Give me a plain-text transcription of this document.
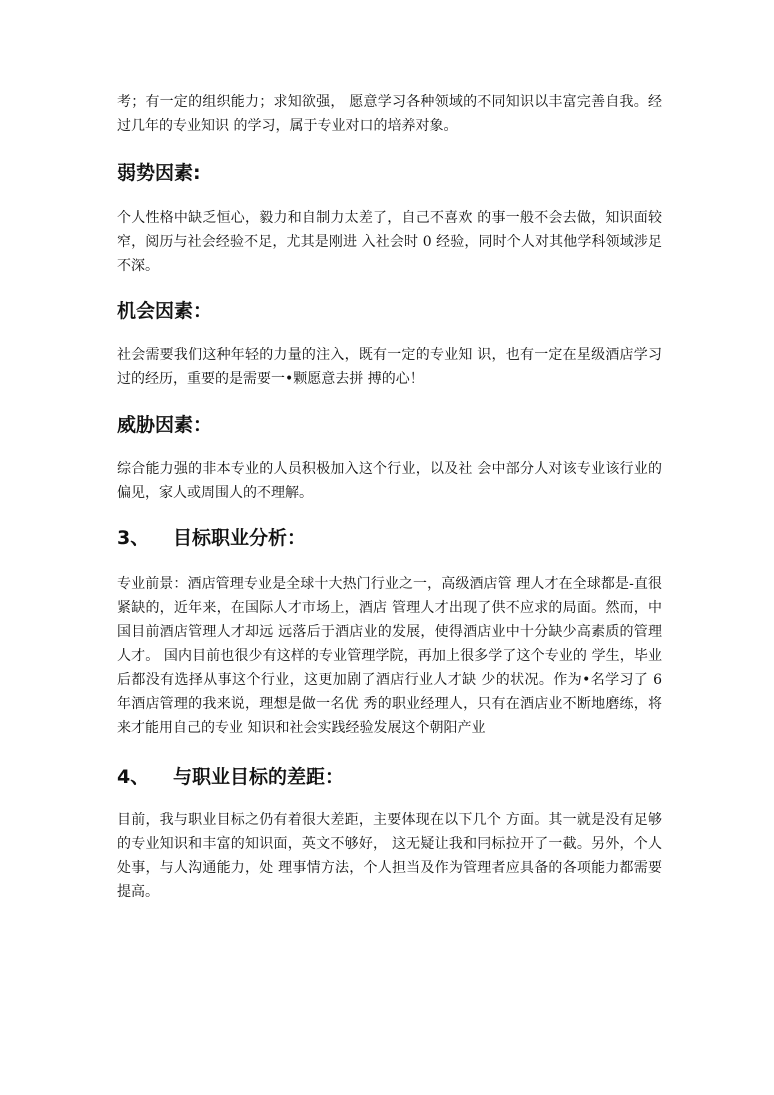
考；有一定的组织能力；求知欲强， 愿意学习各种领域的不同知识以丰富完善自我。经过几年的专业知识 的学习，属于专业对口的培养对象。

弱势因素:

个人性格中缺乏恒心，毅力和自制力太差了，自己不喜欢 的事一般不会去做，知识面较窄，阅历与社会经验不足，尤其是刚进 入社会时 0 经验，同时个人对其他学科领域涉足不深。

机会因素：

社会需要我们这种年轻的力量的注入，既有一定的专业知 识，也有一定在星级酒店学习过的经历，重要的是需要一•颗愿意去拼 搏的心！

威胁因素：

综合能力强的非本专业的人员积极加入这个行业，以及社 会中部分人对该专业该行业的偏见，家人或周围人的不理解。

3、 目标职业分析：

专业前景：酒店管理专业是全球十大热门行业之一，高级酒店管 理人才在全球都是-直很紧缺的，近年来，在国际人才市场上，酒店 管理人才出现了供不应求的局面。然而，中国目前酒店管理人才却远 远落后于酒店业的发展，使得酒店业中十分缺少高素质的管理人才。 国内目前也很少有这样的专业管理学院，再加上很多学了这个专业的 学生，毕业后都没有选择从事这个行业，这更加剧了酒店行业人才缺 少的状况。作为•名学习了 6 年酒店管理的我来说，理想是做一名优 秀的职业经理人，只有在酒店业不断地磨练，将来才能用自己的专业 知识和社会实践经验发展这个朝阳产业

4、 与职业目标的差距：

目前，我与职业目标之仍有着很大差距，主要体现在以下几个 方面。其一就是没有足够的专业知识和丰富的知识面，英文不够好， 这无疑让我和冃标拉开了一截。另外，个人处事，与人沟通能力，处 理事情方法，个人担当及作为管理者应具备的各项能力都需要提高。
